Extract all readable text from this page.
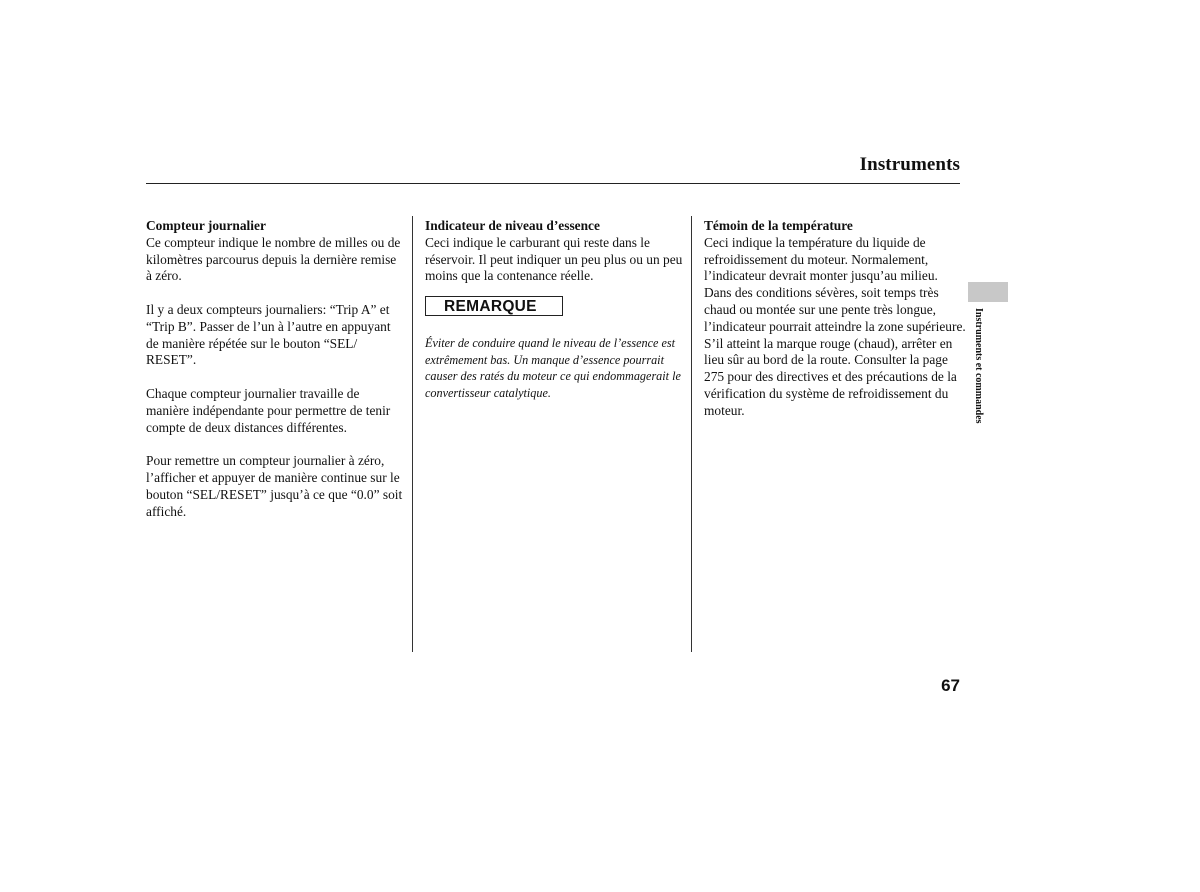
Instruments
Compteur journalier

Ce compteur indique le nombre de milles ou de kilomètres parcourus depuis la dernière remise à zéro.

Il y a deux compteurs journaliers: “Trip A” et “Trip B”. Passer de l’un à l’autre en appuyant de manière répétée sur le bouton “SEL/ RESET”.

Chaque compteur journalier travaille de manière indépendante pour permettre de tenir compte de deux distances différentes.

Pour remettre un compteur journalier à zéro, l’afficher et appuyer de manière continue sur le bouton “SEL/RESET” jusqu’à ce que “0.0” soit affiché.

Indicateur de niveau d’essence

Ceci indique le carburant qui reste dans le réservoir. Il peut indiquer un peu plus ou un peu moins que la contenance réelle.

REMARQUE
Éviter de conduire quand le niveau de l’essence est extrêmement bas. Un manque d’essence pourrait causer des ratés du moteur ce qui endommagerait le convertisseur catalytique.
Témoin de la température

Ceci indique la température du liquide de refroidissement du moteur. Normalement, l’indicateur devrait monter jusqu’au milieu. Dans des conditions sévères, soit temps très chaud ou montée sur une pente très longue, l’indicateur pourrait atteindre la zone supérieure. S’il atteint la marque rouge (chaud), arrêter en lieu sûr au bord de la route. Consulter la page 275 pour des directives et des précautions de la vérification du système de refroidissement du moteur.	Instruments et commandes
67
